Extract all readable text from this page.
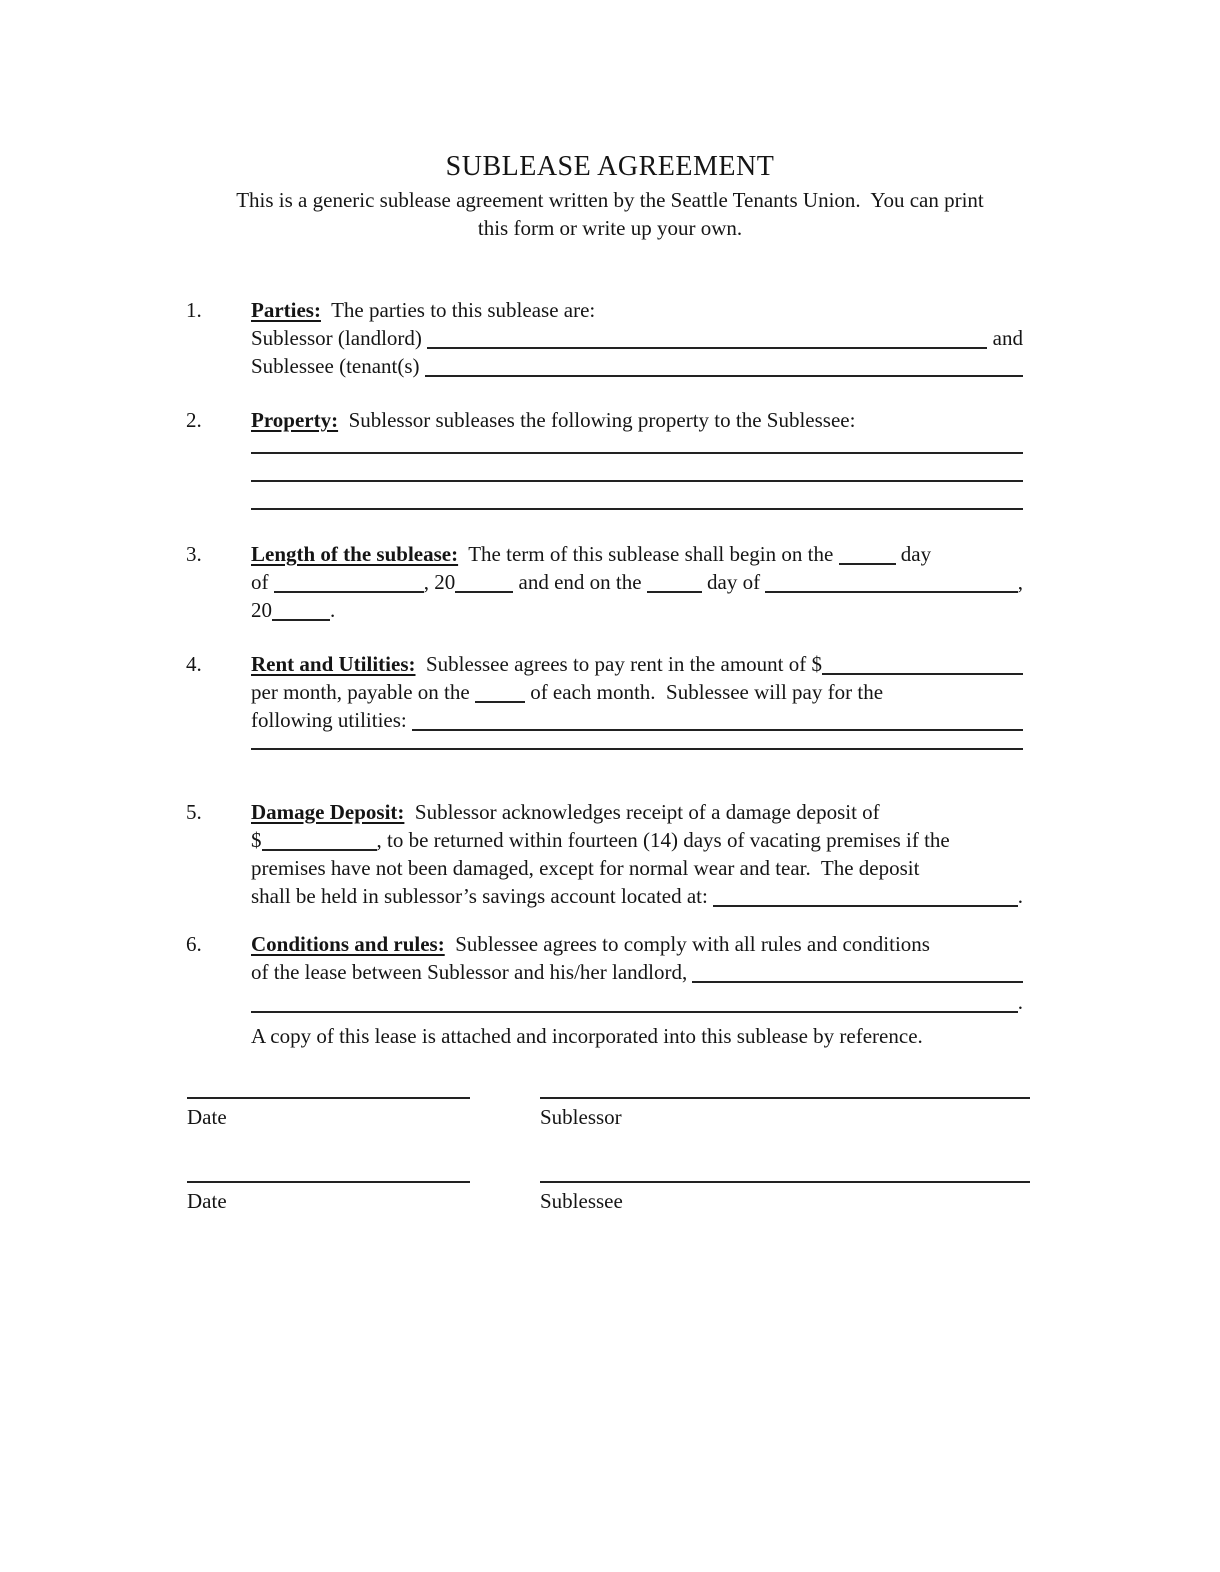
SUBLEASE AGREEMENT

This is a generic sublease agreement written by the Seattle Tenants Union.  You can print
this form or write up your own.

1.	Parties: The parties to this sublease are:
Sublessor (landlord)	and
Sublessee (tenant(s)
2.	Property: Sublessor subleases the following property to the Sublessee:
3.	Length of the sublease: The term of this sublease shall begin on the	day
of	, 20	and end on the	day of	,
20	.
4.	Rent and Utilities: Sublessee agrees to pay rent in the amount of $
per month, payable on the of each month.  Sublessee will pay for the
following utilities:
5.	Damage Deposit: Sublessor acknowledges receipt of a damage deposit of
$	, to be returned within fourteen (14) days of vacating premises if the
premises have not been damaged, except for normal wear and tear.  The deposit
shall be held in sublessor’s savings account located at:	.
6.	Conditions and rules: Sublessee agrees to comply with all rules and conditions
of the lease between Sublessor and his/her landlord,
.
A copy of this lease is attached and incorporated into this sublease by reference.
Date	Sublessor
Date	Sublessee
